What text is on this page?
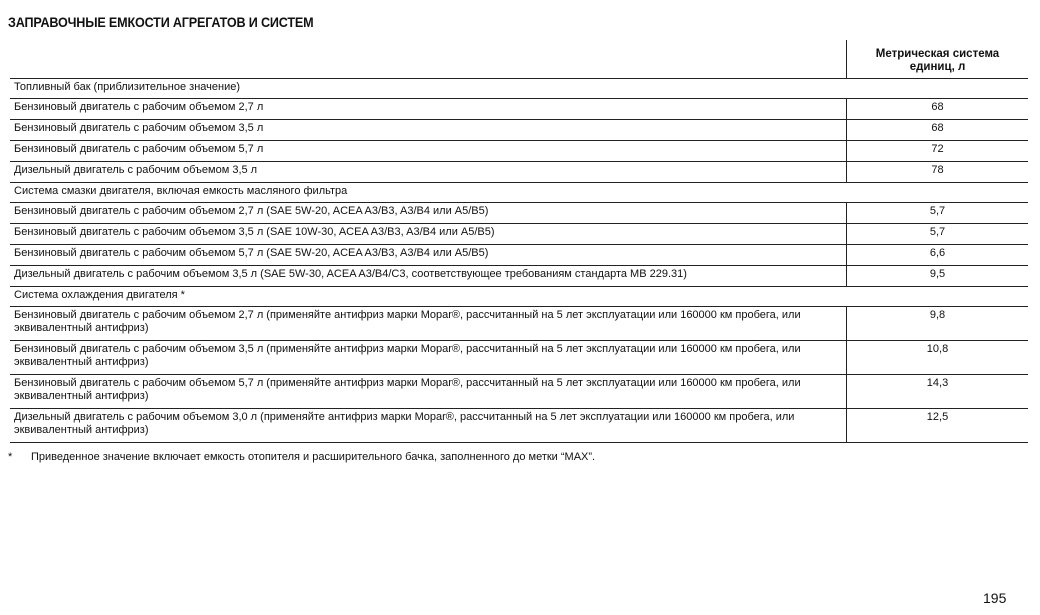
ЗАПРАВОЧНЫЕ ЕМКОСТИ АГРЕГАТОВ И СИСТЕМ

	Метрическая система
единиц, л

Топливный бак (приблизительное значение)	
Бензиновый двигатель с рабочим объемом 2,7 л	68
Бензиновый двигатель с рабочим объемом 3,5 л	68
Бензиновый двигатель с рабочим объемом 5,7 л	72
Дизельный двигатель с рабочим объемом 3,5 л	78
Система смазки двигателя, включая емкость масляного фильтра	
Бензиновый двигатель с рабочим объемом 2,7 л (SAE 5W-20, ACEA A3/B3, A3/B4 или A5/B5)	5,7
Бензиновый двигатель с рабочим объемом 3,5 л (SAE 10W-30, ACEA A3/B3, A3/B4 или A5/B5)	5,7
Бензиновый двигатель с рабочим объемом 5,7 л (SAE 5W-20, ACEA A3/B3, A3/B4 или A5/B5)	6,6
Дизельный двигатель с рабочим объемом 3,5 л (SAE 5W-30, ACEA A3/B4/C3, соответствующее требованиям стандарта MB 229.31)	9,5
Система охлаждения двигателя *	

Бензиновый двигатель с рабочим объемом 2,7 л (применяйте антифриз марки Mopar®, рассчитанный на 5 лет эксплуатации или 160000 км пробега, или
эквивалентный антифриз)	9,8

Бензиновый двигатель с рабочим объемом 3,5 л (применяйте антифриз марки Mopar®, рассчитанный на 5 лет эксплуатации или 160000 км пробега, или
эквивалентный антифриз)	10,8

Бензиновый двигатель с рабочим объемом 5,7 л (применяйте антифриз марки Mopar®, рассчитанный на 5 лет эксплуатации или 160000 км пробега, или
эквивалентный антифриз)	14,3

Дизельный двигатель с рабочим объемом 3,0 л (применяйте антифриз марки Mopar®, рассчитанный на 5 лет эксплуатации или 160000 км пробега, или
эквивалентный антифриз)	12,5
* Приведенное значение включает емкость отопителя и расширительного бачка, заполненного до метки “MAX”.
195
